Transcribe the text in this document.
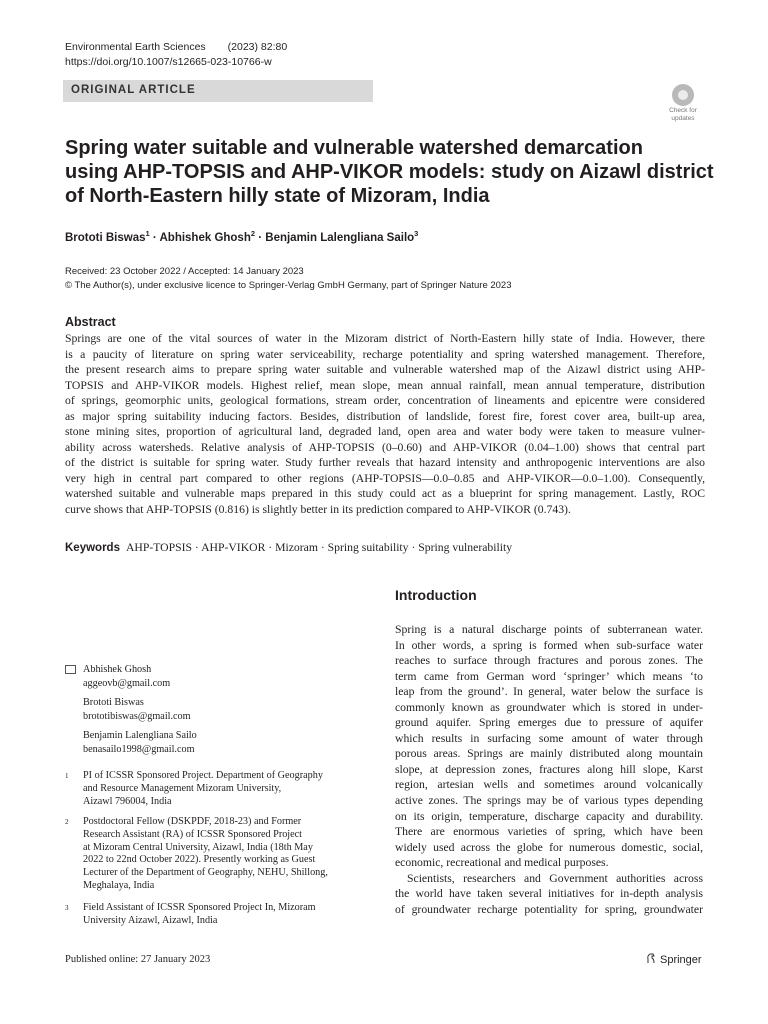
Environmental Earth Sciences (2023) 82:80
https://doi.org/10.1007/s12665-023-10766-w
ORIGINAL ARTICLE
Check for
updates
Spring water suitable and vulnerable watershed demarcation
using AHP-TOPSIS and AHP-VIKOR models: study on Aizawl district
of North-Eastern hilly state of Mizoram, India
Brototi Biswas$^1$ · Abhishek Ghosh$^2$ · Benjamin Lalengliana Sailo$^3$
Received: 23 October 2022 / Accepted: 14 January 2023
© The Author(s), under exclusive licence to Springer-Verlag GmbH Germany, part of Springer Nature 2023
Abstract
Springs are one of the vital sources of water in the Mizoram district of North-Eastern hilly state of India. However, there
is a paucity of literature on spring water serviceability, recharge potentiality and spring watershed management. Therefore,
the present research aims to prepare spring water suitable and vulnerable watershed map of the Aizawl district using AHP-
TOPSIS and AHP-VIKOR models. Highest relief, mean slope, mean annual rainfall, mean annual temperature, distribution
of springs, geomorphic units, geological formations, stream order, concentration of lineaments and epicentre were considered
as major spring suitability inducing factors. Besides, distribution of landslide, forest fire, forest cover area, built-up area,
stone mining sites, proportion of agricultural land, degraded land, open area and water body were taken to measure vulner-
ability across watersheds. Relative analysis of AHP-TOPSIS (0–0.60) and AHP-VIKOR (0.04–1.00) shows that central part
of the district is suitable for spring water. Study further reveals that hazard intensity and anthropogenic interventions are also
very high in central part compared to other regions (AHP-TOPSIS—0.0–0.85 and AHP-VIKOR—0.0–1.00). Consequently,
watershed suitable and vulnerable maps prepared in this study could act as a blueprint for spring management. Lastly, ROC
curve shows that AHP-TOPSIS (0.816) is slightly better in its prediction compared to AHP-VIKOR (0.743).
Keywords AHP-TOPSIS · AHP-VIKOR · Mizoram · Spring suitability · Spring vulnerability
Introduction
Spring is a natural discharge points of subterranean water.
In other words, a spring is formed when sub-surface water
reaches to surface through fractures and porous zones. The
term came from German word ‘springer’ which means ‘to
leap from the ground’. In general, water below the surface is
commonly known as groundwater which is stored in under-
ground aquifer. Spring emerges due to pressure of aquifer
which results in surfacing some amount of water through
porous areas. Springs are mainly distributed along mountain
slope, at depression zones, fractures along hill slope, Karst
region, artesian wells and sometimes around volcanically
active zones. The springs may be of various types depending
on its origin, temperature, discharge capacity and durability.
There are enormous varieties of spring, which have been
widely used across the globe for numerous domestic, social,
economic, recreational and medical purposes.
Scientists, researchers and Government authorities across
the world have taken several initiatives for in-depth analysis
of groundwater recharge potentiality for spring, groundwater
Abhishek Ghosh
aggeovb@gmail.com
Brototi Biswas
brototibiswas@gmail.com
Benjamin Lalengliana Sailo
benasailo1998@gmail.com
1 PI of ICSSR Sponsored Project. Department of Geography
and Resource Management Mizoram University,
Aizawl 796004, India
2 Postdoctoral Fellow (DSKPDF, 2018-23) and Former
Research Assistant (RA) of ICSSR Sponsored Project
at Mizoram Central University, Aizawl, India (18th May
2022 to 22nd October 2022). Presently working as Guest
Lecturer of the Department of Geography, NEHU, Shillong,
Meghalaya, India
3 Field Assistant of ICSSR Sponsored Project In, Mizoram
University Aizawl, Aizawl, India
Published online: 27 January 2023	Springer
